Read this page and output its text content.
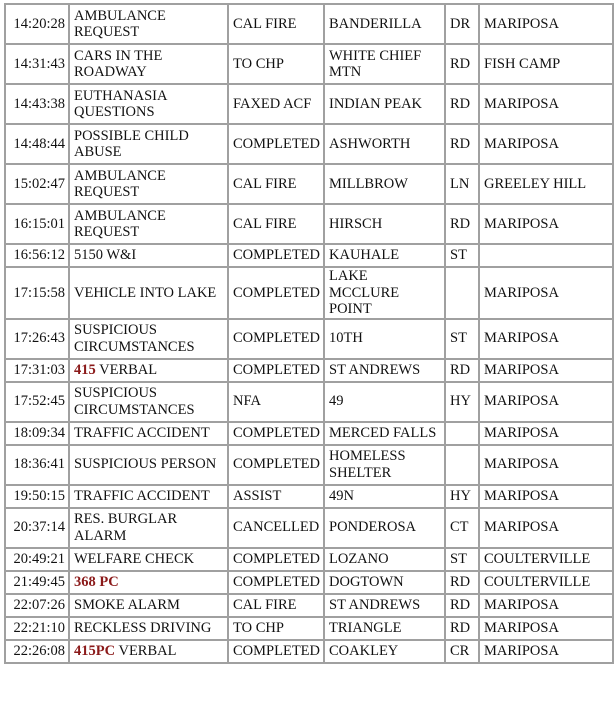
14:20:28	AMBULANCE REQUEST	CAL FIRE	BANDERILLA	DR	MARIPOSA
14:31:43	CARS IN THE ROADWAY	TO CHP	WHITE CHIEF MTN	RD	FISH CAMP
14:43:38	EUTHANASIA QUESTIONS	FAXED ACF	INDIAN PEAK	RD	MARIPOSA
14:48:44	POSSIBLE CHILD ABUSE	COMPLETED	ASHWORTH	RD	MARIPOSA
15:02:47	AMBULANCE REQUEST	CAL FIRE	MILLBROW	LN	GREELEY HILL
16:15:01	AMBULANCE REQUEST	CAL FIRE	HIRSCH	RD	MARIPOSA
16:56:12	5150 W&I	COMPLETED	KAUHALE	ST	
17:15:58	VEHICLE INTO LAKE	COMPLETED	LAKE MCCLURE POINT		MARIPOSA
17:26:43	SUSPICIOUS CIRCUMSTANCES	COMPLETED	10TH	ST	MARIPOSA
17:31:03	415 VERBAL	COMPLETED	ST ANDREWS	RD	MARIPOSA
17:52:45	SUSPICIOUS CIRCUMSTANCES	NFA	49	HY	MARIPOSA
18:09:34	TRAFFIC ACCIDENT	COMPLETED	MERCED FALLS		MARIPOSA
18:36:41	SUSPICIOUS PERSON	COMPLETED	HOMELESS SHELTER		MARIPOSA
19:50:15	TRAFFIC ACCIDENT	ASSIST	49N	HY	MARIPOSA
20:37:14	RES. BURGLAR ALARM	CANCELLED	PONDEROSA	CT	MARIPOSA
20:49:21	WELFARE CHECK	COMPLETED	LOZANO	ST	COULTERVILLE
21:49:45	368 PC	COMPLETED	DOGTOWN	RD	COULTERVILLE
22:07:26	SMOKE ALARM	CAL FIRE	ST ANDREWS	RD	MARIPOSA
22:21:10	RECKLESS DRIVING	TO CHP	TRIANGLE	RD	MARIPOSA
22:26:08	415PC VERBAL	COMPLETED	COAKLEY	CR	MARIPOSA
